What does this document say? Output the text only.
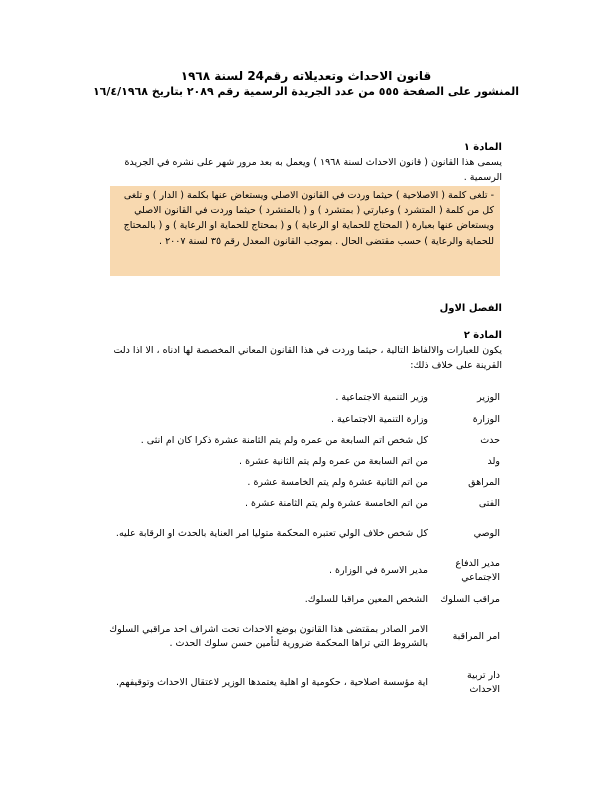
قانون الاحداث وتعديلاته رقم24 لسنة ١٩٦٨

المنشور على الصفحة ٥٥٥ من عدد الجريدة الرسمية رقم ٢٠٨٩ بتاريخ ١٦/٤/١٩٦٨

المادة ١
يسمى هذا القانون ( قانون الاحداث لسنة ١٩٦٨ ) ويعمل به بعد مرور شهر على نشره في الجريدة الرسمية .
- تلغى كلمة ( الاصلاحية ) حيثما وردت في القانون الاصلي ويستعاض عنها بكلمة ( الدار ) و تلغى كل من كلمة ( المتشرد ) وعبارتي ( بمتشرد ) و ( بالمتشرد ) حيثما وردت في القانون الاصلي ويستعاض عنها بعبارة ( المحتاج للحماية او الرعاية ) و ( بمحتاج للحماية او الرعاية ) و ( بالمحتاج للحماية والرعاية ) حسب مقتضى الحال . بموجب القانون المعدل رقم ٣٥ لسنة ٢٠٠٧ .
الفصل الاول
المادة ٢
يكون للعبارات والالفاظ التالية ، حيثما وردت في هذا القانون المعاني المخصصة لها ادناه ، الا اذا دلت القرينة على خلاف ذلك:
الوزير	وزير التنمية الاجتماعية .
الوزارة	وزارة التنمية الاجتماعية .
حدث	كل شخص اتم السابعة من عمره ولم يتم الثامنة عشرة ذكرا كان ام انثى .
ولد	من اتم السابعة من عمره ولم يتم الثانية عشرة .
المراهق	من اتم الثانية عشرة ولم يتم الخامسة عشرة .
الفتى	من اتم الخامسة عشرة ولم يتم الثامنة عشرة .
الوصي	كل شخص خلاف الولي تعتبره المحكمة متوليا امر العناية بالحدث او الرقابة عليه.
مدير الدفاع الاجتماعي	مدير الاسرة في الوزارة .
مراقب السلوك	الشخص المعين مراقبا للسلوك.
امر المراقبة	الامر الصادر بمقتضى هذا القانون بوضع الاحداث تحت اشراف احد مراقبي السلوك بالشروط التي تراها المحكمة ضرورية لتأمين حسن سلوك الحدث .
دار تربية الاحداث	اية مؤسسة اصلاحية ، حكومية او اهلية يعتمدها الوزير لاعتقال الاحداث وتوقيفهم.
